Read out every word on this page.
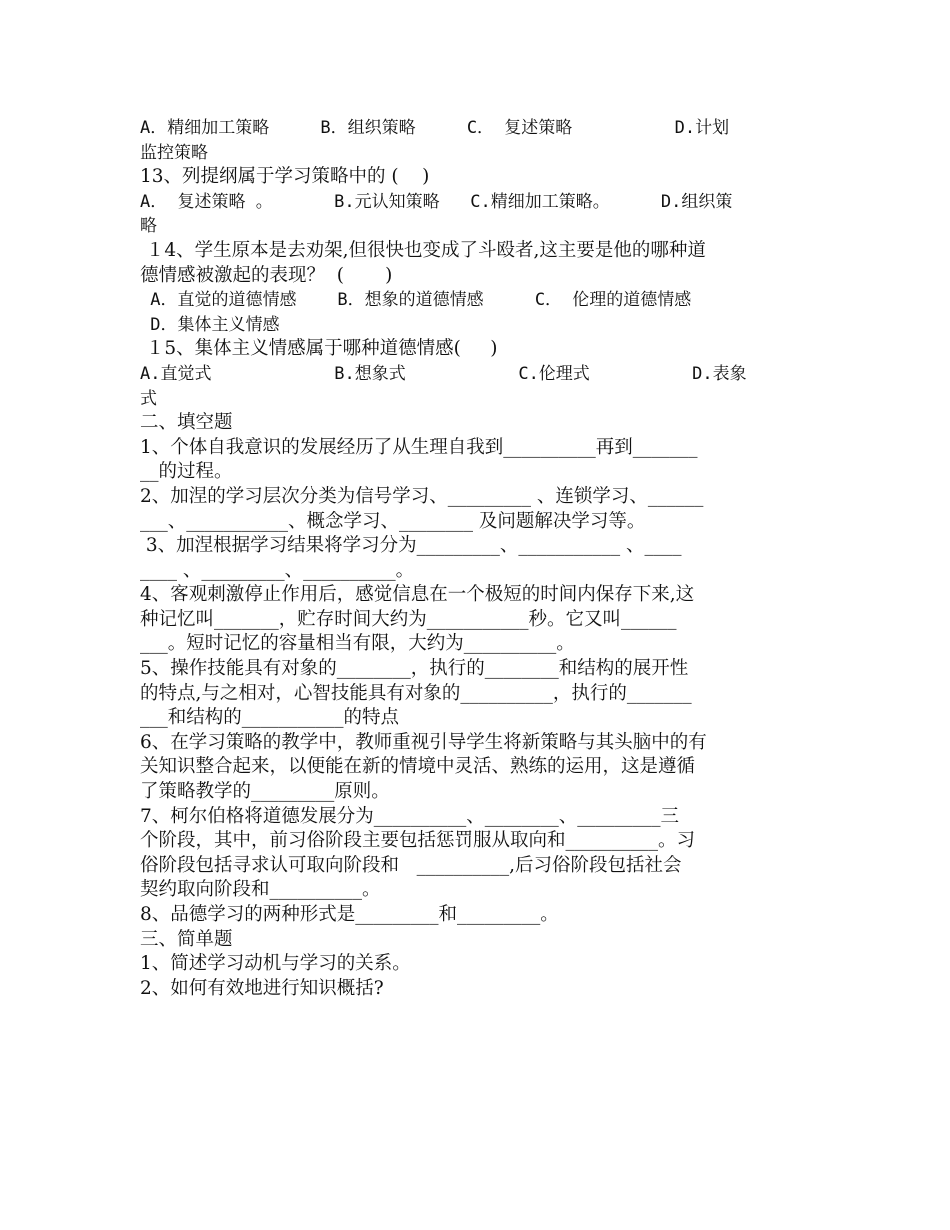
A．精细加工策略     B．组织策略     C． 复述策略          D.计划
监控策略
13、列提纲属于学习策略中的 (    )
A． 复述策略 。      B.元认知策略   C.精细加工策略。     D.组织策
略
１4、学生原本是去劝架,但很快也变成了斗殴者,这主要是他的哪种道
德情感被激起的表现？  (       )
A．直觉的道德情感    B．想象的道德情感     C． 伦理的道德情感
D．集体主义情感
１5、集体主义情感属于哪种道德情感(     )
A.直觉式            B.想象式           C.伦理式          D.表象
式
二、填空题
1、个体自我意识的发展经历了从生理自我到__________再到_______
__的过程。
2、加涅的学习层次分类为信号学习、_________ 、连锁学习、______
___、___________、概念学习、________ 及问题解决学习等。
3、加涅根据学习结果将学习分为_________、___________ 、____
____ 、_________、__________。
4、客观刺激停止作用后，感觉信息在一个极短的时间内保存下来,这
种记忆叫_______，贮存时间大约为___________秒。它又叫______
___。短时记忆的容量相当有限，大约为__________。
5、操作技能具有对象的________，执行的________和结构的展开性
的特点,与之相对，心智技能具有对象的__________，执行的_______
___和结构的___________的特点
6、在学习策略的教学中，教师重视引导学生将新策略与其头脑中的有
关知识整合起来，以便能在新的情境中灵活、熟练的运用，这是遵循
了策略教学的_________原则。
7、柯尔伯格将道德发展分为__________、________、_________三
个阶段，其中，前习俗阶段主要包括惩罚服从取向和__________。习
俗阶段包括寻求认可取向阶段和   __________,后习俗阶段包括社会
契约取向阶段和__________。
8、品德学习的两种形式是_________和_________。
三、简单题
1、简述学习动机与学习的关系。
2、如何有效地进行知识概括?
